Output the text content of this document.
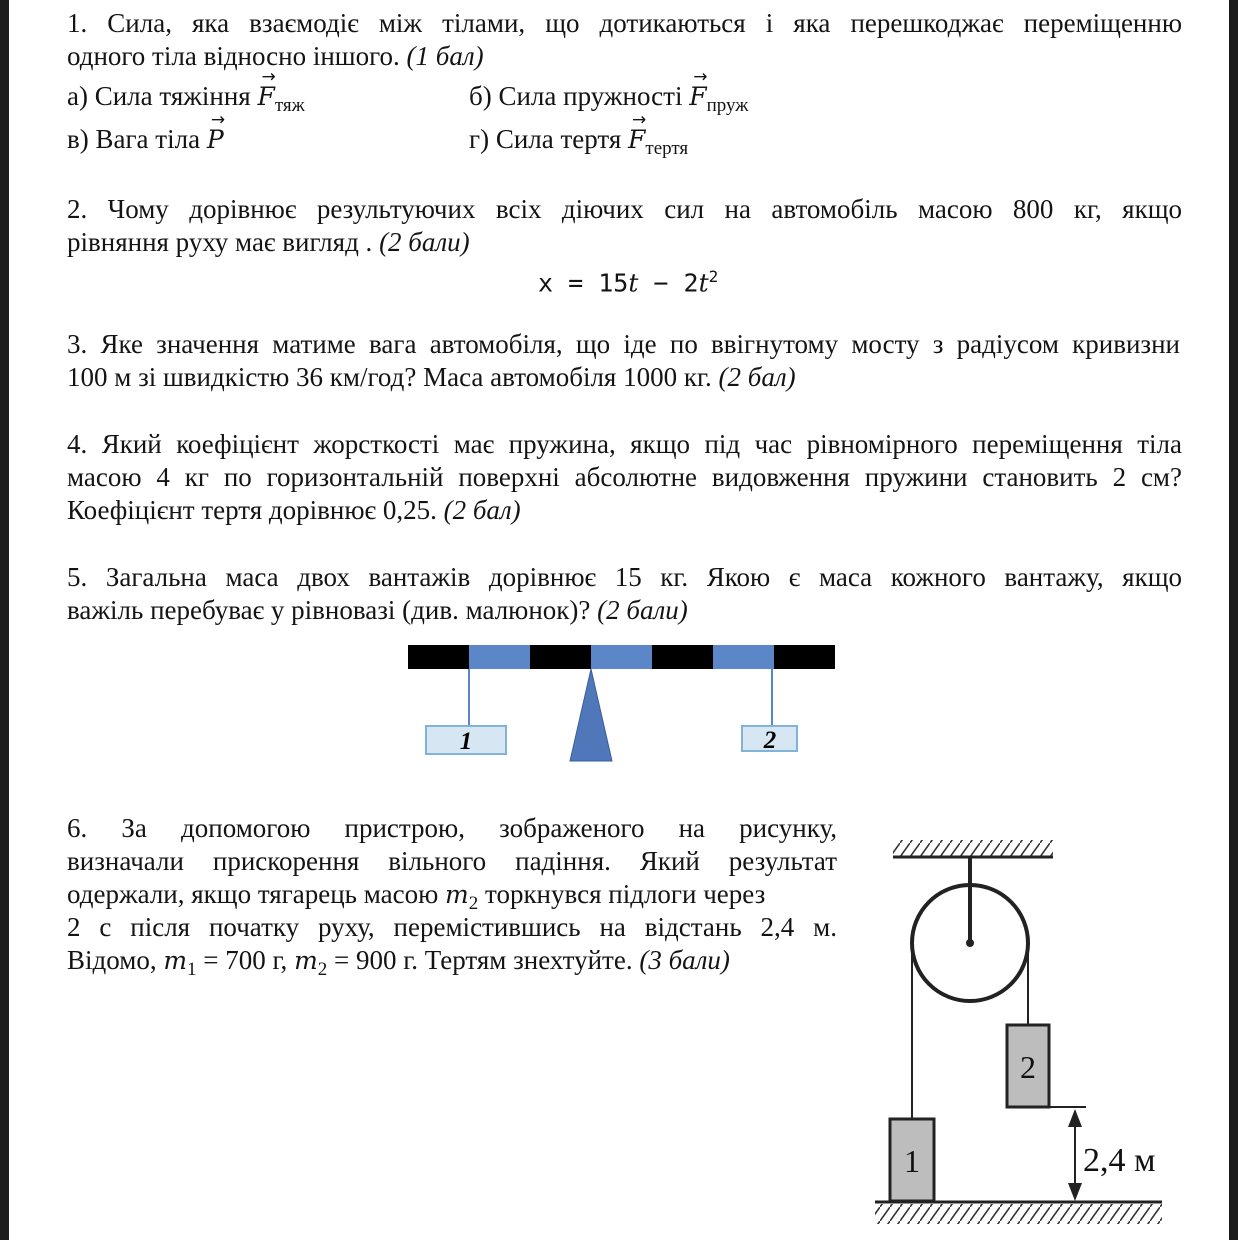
1. Сила, яка взаємодіє між тілами, що дотикаються і яка перешкоджає переміщенню
одного тіла відносно іншого. (1 бал)
а) Сила тяжіння → $F_{тяж}$	б) Сила пружності → $F_{пруж}$
в) Вага тіла → P	г) Сила тертя → $F_{тертя}$
2. Чому дорівнює результуючих всіх діючих сил на автомобіль масою 800 кг, якщо
рівняння руху має вигляд . (2 бали)
$x = 15t - 2t^2$
3. Яке значення матиме вага автомобіля, що іде по ввігнутому мосту з радіусом кривизни
100 м зі швидкістю 36 км/год? Маса автомобіля 1000 кг. (2 бал)
4. Який коефіцієнт жорсткості має пружина, якщо під час рівномірного переміщення тіла
масою 4 кг по горизонтальній поверхні абсолютне видовження пружини становить 2 см?
Коефіцієнт тертя дорівнює 0,25. (2 бал)
5. Загальна маса двох вантажів дорівнює 15 кг. Якою є маса кожного вантажу, якщо
важіль перебуває у рівновазі (див. малюнок)? (2 бали)
1	2
6. За допомогою пристрою, зображеного на рисунку,
визначали прискорення вільного падіння. Який результат
одержали, якщо тягарець масою $m_2$ торкнувся підлоги через
2 с після початку руху, перемістившись на відстань 2,4 м.
Відомо, $m_1 = 700$ г, $m_2 = 900$ г. Тертям знехтуйте. (3 бали)
1
2
2,4 м
